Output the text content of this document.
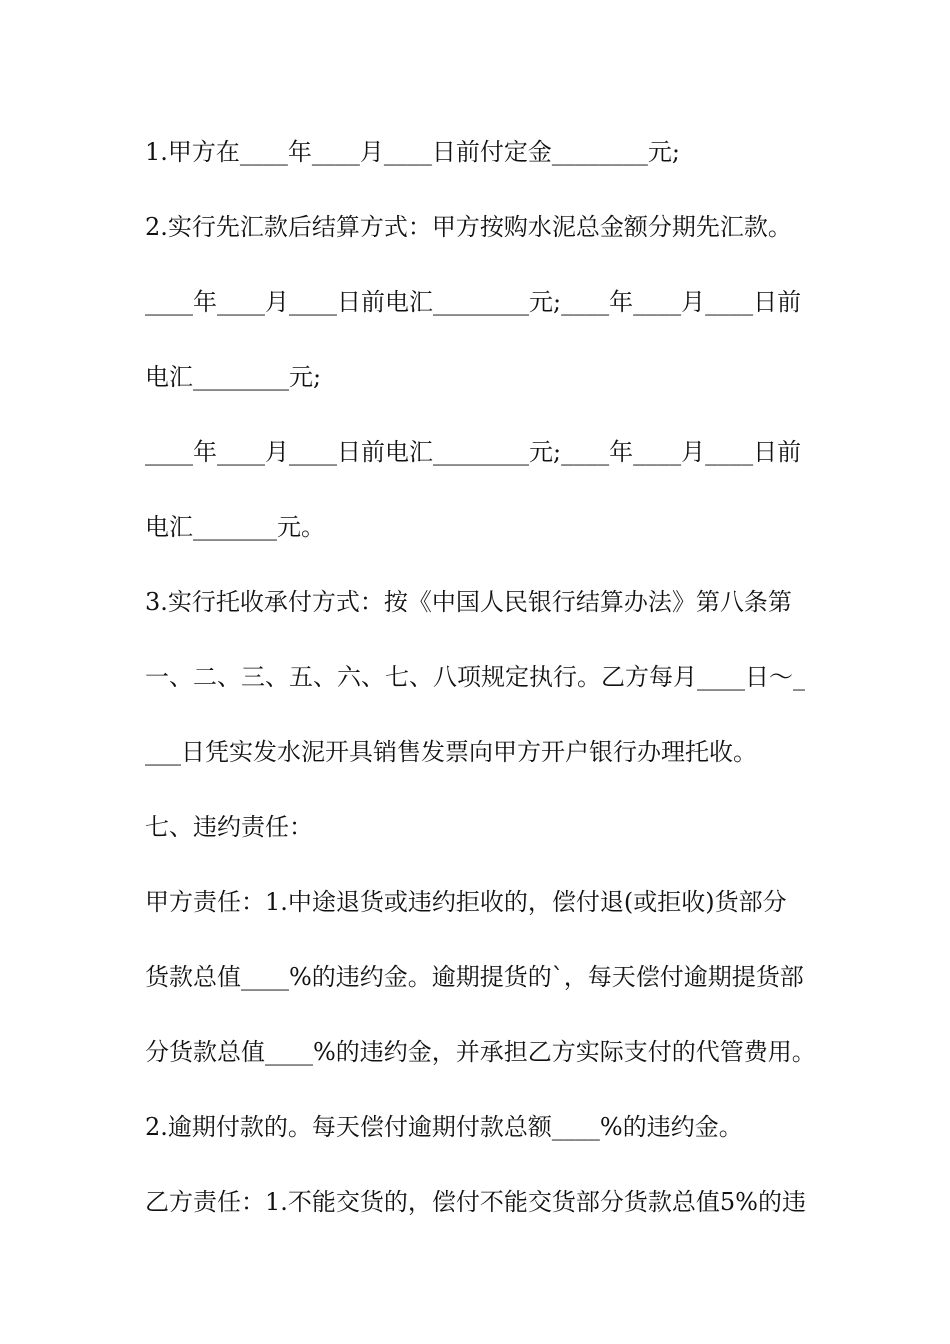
1.甲方在____年____月____日前付定金________元;
2.实行先汇款后结算方式：甲方按购水泥总金额分期先汇款。
____年____月____日前电汇________元;____年____月____日前
电汇________元;
____年____月____日前电汇________元;____年____月____日前
电汇_______元。
3.实行托收承付方式：按《中国人民银行结算办法》第八条第
一、二、三、五、六、七、八项规定执行。乙方每月____日～_
___日凭实发水泥开具销售发票向甲方开户银行办理托收。
七、违约责任：
甲方责任：1.中途退货或违约拒收的，偿付退(或拒收)货部分
货款总值____%的违约金。逾期提货的`，每天偿付逾期提货部
分货款总值____%的违约金，并承担乙方实际支付的代管费用。
2.逾期付款的。每天偿付逾期付款总额____%的违约金。
乙方责任：1.不能交货的，偿付不能交货部分货款总值5%的违
